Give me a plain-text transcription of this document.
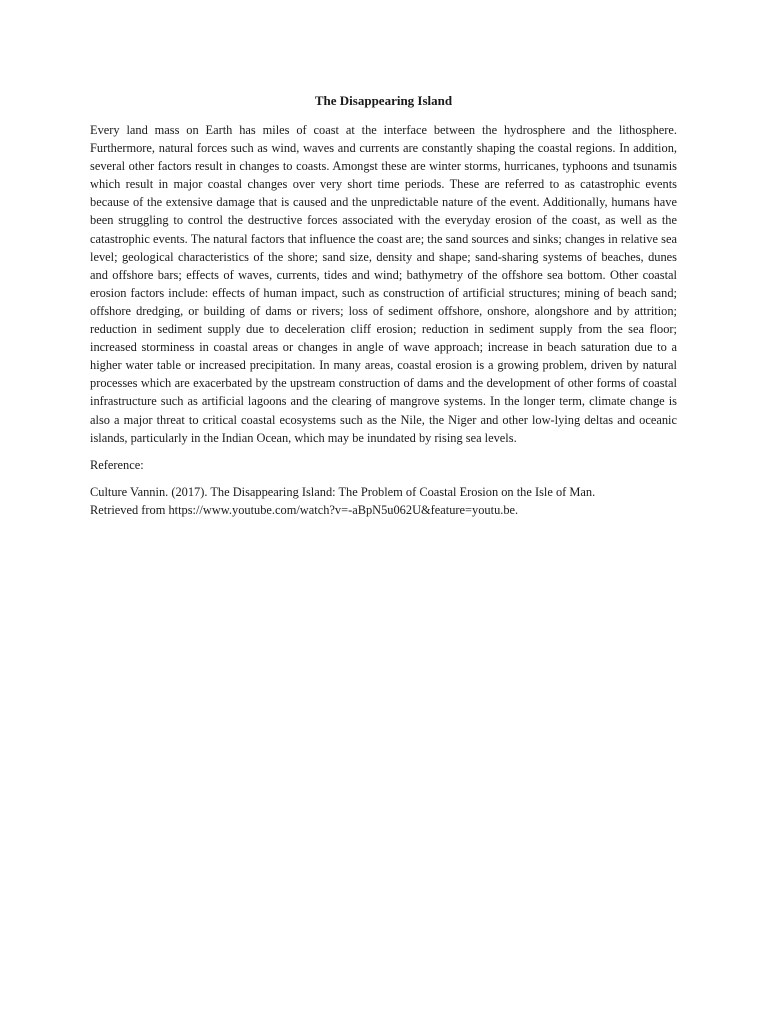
The Disappearing Island

Every land mass on Earth has miles of coast at the interface between the hydrosphere and the lithosphere. Furthermore, natural forces such as wind, waves and currents are constantly shaping the coastal regions. In addition, several other factors result in changes to coasts. Amongst these are winter storms, hurricanes, typhoons and tsunamis which result in major coastal changes over very short time periods. These are referred to as catastrophic events because of the extensive damage that is caused and the unpredictable nature of the event. Additionally, humans have been struggling to control the destructive forces associated with the everyday erosion of the coast, as well as the catastrophic events. The natural factors that influence the coast are; the sand sources and sinks; changes in relative sea level; geological characteristics of the shore; sand size, density and shape; sand-sharing systems of beaches, dunes and offshore bars; effects of waves, currents, tides and wind; bathymetry of the offshore sea bottom. Other coastal erosion factors include: effects of human impact, such as construction of artificial structures; mining of beach sand; offshore dredging, or building of dams or rivers; loss of sediment offshore, onshore, alongshore and by attrition; reduction in sediment supply due to deceleration cliff erosion; reduction in sediment supply from the sea floor; increased storminess in coastal areas or changes in angle of wave approach; increase in beach saturation due to a higher water table or increased precipitation. In many areas, coastal erosion is a growing problem, driven by natural processes which are exacerbated by the upstream construction of dams and the development of other forms of coastal infrastructure such as artificial lagoons and the clearing of mangrove systems. In the longer term, climate change is also a major threat to critical coastal ecosystems such as the Nile, the Niger and other low-lying deltas and oceanic islands, particularly in the Indian Ocean, which may be inundated by rising sea levels.

Reference:

Culture Vannin. (2017). The Disappearing Island: The Problem of Coastal Erosion on the Isle of Man.
Retrieved from https://www.youtube.com/watch?v=-aBpN5u062U&feature=youtu.be.
